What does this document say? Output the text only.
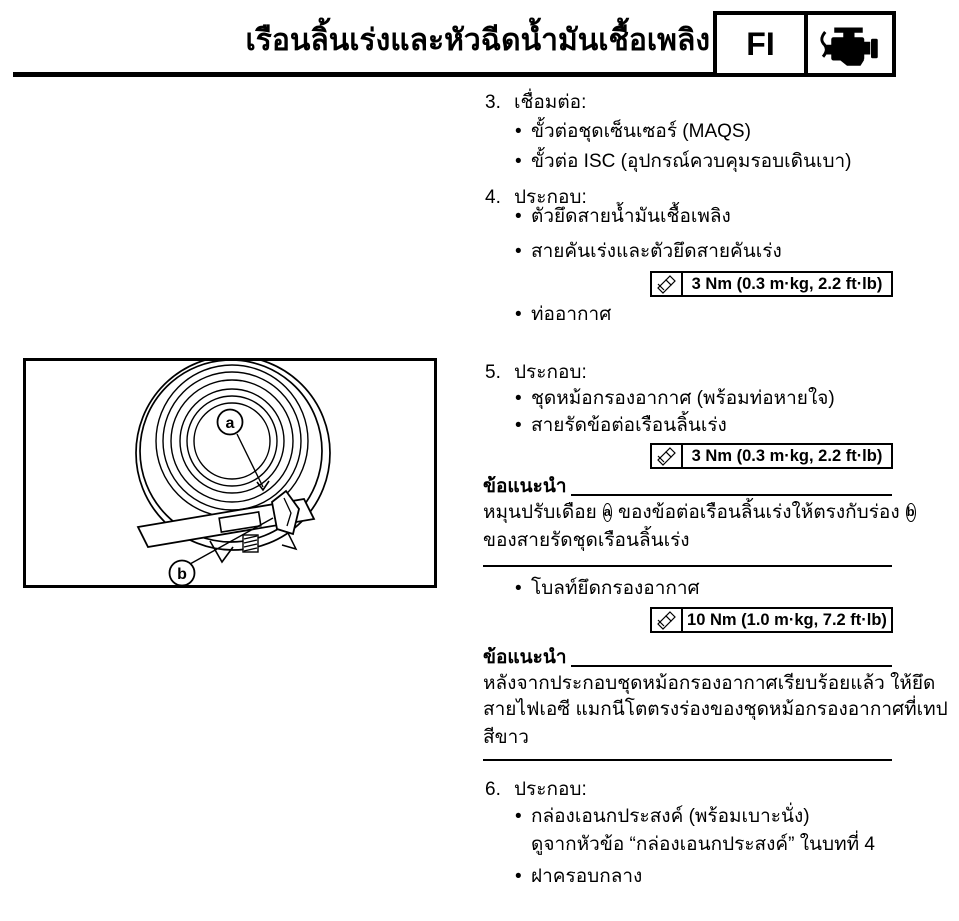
เรือนลิ้นเร่งและหัวฉีดน้ำมันเชื้อเพลิง FI
a
b
3. เชื่อมต่อ:
• ขั้วต่อชุดเซ็นเซอร์ (MAQS)
• ขั้วต่อ ISC (อุปกรณ์ควบคุมรอบเดินเบา)
4. ประกอบ:
• ตัวยึดสายน้ำมันเชื้อเพลิง
• สายคันเร่งและตัวยึดสายคันเร่ง
3 Nm (0.3 m·kg, 2.2 ft·lb)
• ท่ออากาศ
5. ประกอบ:
• ชุดหม้อกรองอากาศ (พร้อมท่อหายใจ)
• สายรัดข้อต่อเรือนลิ้นเร่ง
3 Nm (0.3 m·kg, 2.2 ft·lb)
ข้อแนะนำ
หมุนปรับเดือย a ของข้อต่อเรือนลิ้นเร่งให้ตรงกับร่อง b
ของสายรัดชุดเรือนลิ้นเร่ง
• โบลท์ยึดกรองอากาศ
10 Nm (1.0 m·kg, 7.2 ft·lb)
ข้อแนะนำ
หลังจากประกอบชุดหม้อกรองอากาศเรียบร้อยแล้ว ให้ยึด
สายไฟเอซี แมกนีโตตรงร่องของชุดหม้อกรองอากาศที่เทป
สีขาว
6. ประกอบ:
• กล่องเอนกประสงค์ (พร้อมเบาะนั่ง)
ดูจากหัวข้อ “กล่องเอนกประสงค์” ในบทที่ 4
• ฝาครอบกลาง
